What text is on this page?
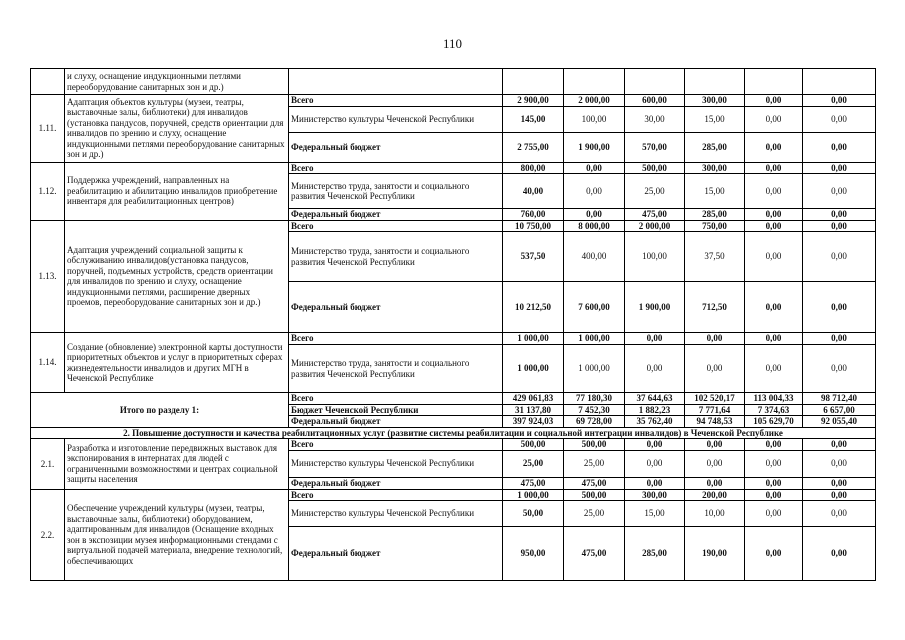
110
	и слуху, оснащение индукционными петлями переоборудование санитарных зон и др.)							
1.11.	Адаптация объектов культуры (музеи, театры, выставочные залы, библиотеки) для инвалидов (установка пандусов, поручней, средств ориентации для инвалидов по зрению и слуху, оснащение индукционными петлями переоборудование санитарных зон и др.)	Всего	2 900,00	2 000,00	600,00	300,00	0,00	0,00
		Министерство культуры Чеченской Республики	145,00	100,00	30,00	15,00	0,00	0,00
		Федеральный бюджет	2 755,00	1 900,00	570,00	285,00	0,00	0,00
1.12.	Поддержка учреждений, направленных на реабилитацию и абилитацию инвалидов приобретение инвентаря для реабилитационных центров)	Всего	800,00	0,00	500,00	300,00	0,00	0,00
		Министерство труда, занятости и социального развития Чеченской Республики	40,00	0,00	25,00	15,00	0,00	0,00
		Федеральный бюджет	760,00	0,00	475,00	285,00	0,00	0,00
1.13.	Адаптация учреждений социальной защиты к обслуживанию инвалидов(установка пандусов, поручней, подъемных устройств, средств ориентации для инвалидов по зрению и слуху, оснащение индукционными петлями, расширение дверных проемов, переоборудование санитарных зон и др.)	Всего	10 750,00	8 000,00	2 000,00	750,00	0,00	0,00
		Министерство труда, занятости и социального развития Чеченской Республики	537,50	400,00	100,00	37,50	0,00	0,00
		Федеральный бюджет	10 212,50	7 600,00	1 900,00	712,50	0,00	0,00
1.14.	Создание (обновление) электронной карты доступности приоритетных объектов и услуг в приоритетных сферах жизнедеятельности инвалидов и других МГН в Чеченской Республике	Всего	1 000,00	1 000,00	0,00	0,00	0,00	0,00
		Министерство труда, занятости и социального развития Чеченской Республики	1 000,00	1 000,00	0,00	0,00	0,00	0,00
Итого по разделу 1:		Всего	429 061,83	77 180,30	37 644,63	102 520,17	113 004,33	98 712,40
		Бюджет Чеченской Республики	31 137,80	7 452,30	1 882,23	7 771,64	7 374,63	6 657,00
		Федеральный бюджет	397 924,03	69 728,00	35 762,40	94 748,53	105 629,70	92 055,40
2. Повышение доступности и качества реабилитационных услуг (развитие системы реабилитации и социальной интеграции инвалидов) в Чеченской Республике								
2.1.	Разработка и изготовление передвижных выставок для экспонирования в интернатах для людей с ограниченными возможностями и центрах социальной защиты населения	Всего	500,00	500,00	0,00	0,00	0,00	0,00
		Министерство культуры Чеченской Республики	25,00	25,00	0,00	0,00	0,00	0,00
		Федеральный бюджет	475,00	475,00	0,00	0,00	0,00	0,00
2.2.	Обеспечение учреждений культуры (музеи, театры, выставочные залы, библиотеки) оборудованием, адаптированным для инвалидов (Оснащение входных зон в экспозиции музея информационными стендами с виртуальной подачей материала, внедрение технологий, обеспечивающих	Всего	1 000,00	500,00	300,00	200,00	0,00	0,00
		Министерство культуры Чеченской Республики	50,00	25,00	15,00	10,00	0,00	0,00
		Федеральный бюджет	950,00	475,00	285,00	190,00	0,00	0,00
